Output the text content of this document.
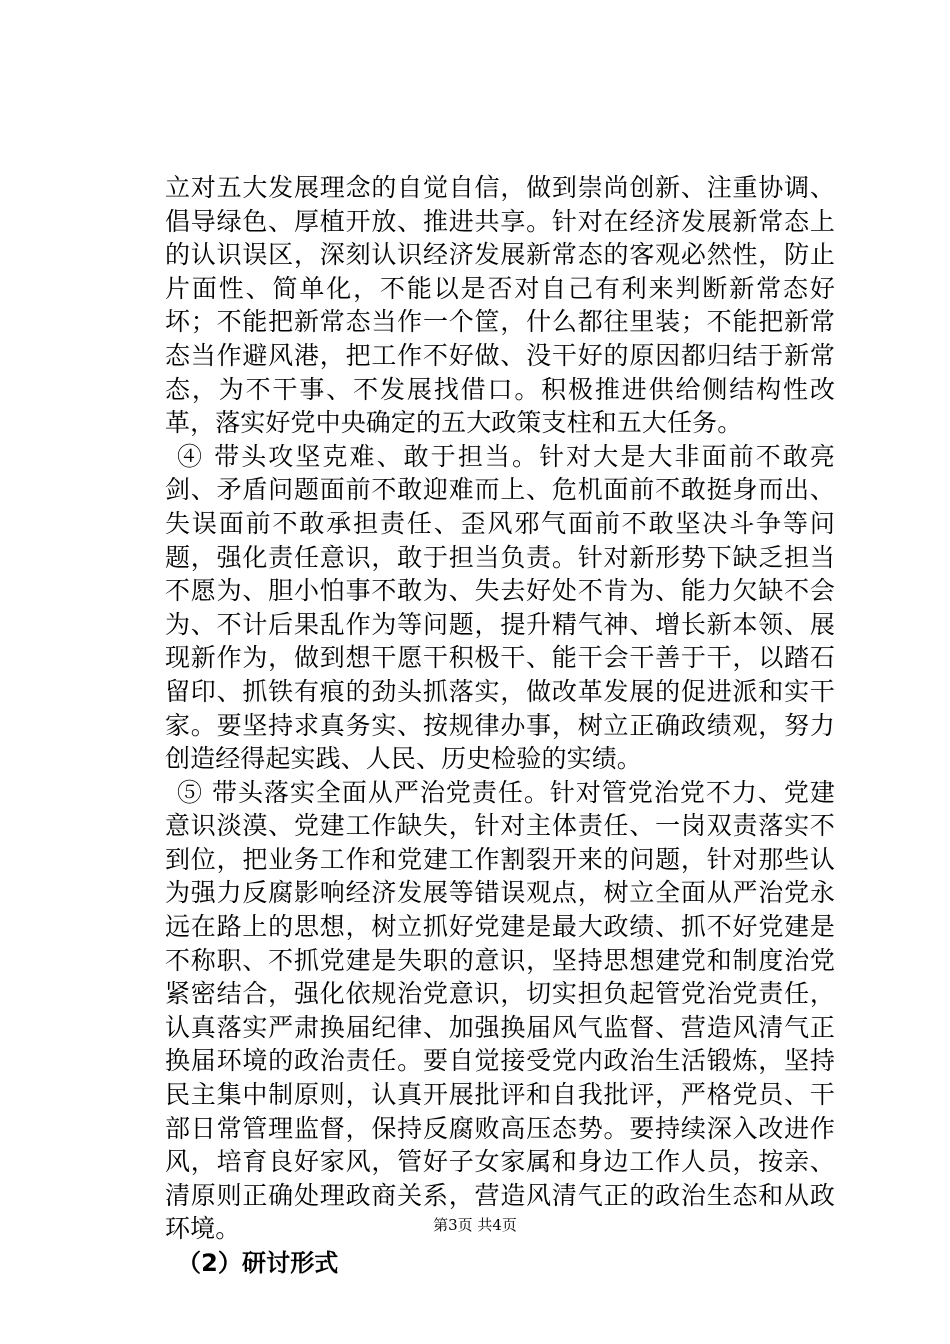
立对五大发展理念的自觉自信，做到崇尚创新、注重协调、倡导绿色、厚植开放、推进共享。针对在经济发展新常态上的认识误区，深刻认识经济发展新常态的客观必然性，防止片面性、简单化，不能以是否对自己有利来判断新常态好坏；不能把新常态当作一个筐，什么都往里装；不能把新常态当作避风港，把工作不好做、没干好的原因都归结于新常态，为不干事、不发展找借口。积极推进供给侧结构性改革，落实好党中央确定的五大政策支柱和五大任务。

④ 带头攻坚克难、敢于担当。针对大是大非面前不敢亮剑、矛盾问题面前不敢迎难而上、危机面前不敢挺身而出、失误面前不敢承担责任、歪风邪气面前不敢坚决斗争等问题，强化责任意识，敢于担当负责。针对新形势下缺乏担当不愿为、胆小怕事不敢为、失去好处不肯为、能力欠缺不会为、不计后果乱作为等问题，提升精气神、增长新本领、展现新作为，做到想干愿干积极干、能干会干善于干，以踏石留印、抓铁有痕的劲头抓落实，做改革发展的促进派和实干家。要坚持求真务实、按规律办事，树立正确政绩观，努力创造经得起实践、人民、历史检验的实绩。

⑤ 带头落实全面从严治党责任。针对管党治党不力、党建意识淡漠、党建工作缺失，针对主体责任、一岗双责落实不到位，把业务工作和党建工作割裂开来的问题，针对那些认为强力反腐影响经济发展等错误观点，树立全面从严治党永远在路上的思想，树立抓好党建是最大政绩、抓不好党建是不称职、不抓党建是失职的意识，坚持思想建党和制度治党紧密结合，强化依规治党意识，切实担负起管党治党责任，认真落实严肃换届纪律、加强换届风气监督、营造风清气正换届环境的政治责任。要自觉接受党内政治生活锻炼，坚持民主集中制原则，认真开展批评和自我批评，严格党员、干部日常管理监督，保持反腐败高压态势。要持续深入改进作风，培育良好家风，管好子女家属和身边工作人员，按亲、清原则正确处理政商关系，营造风清气正的政治生态和从政环境。

（2）研讨形式

第3页 共4页
